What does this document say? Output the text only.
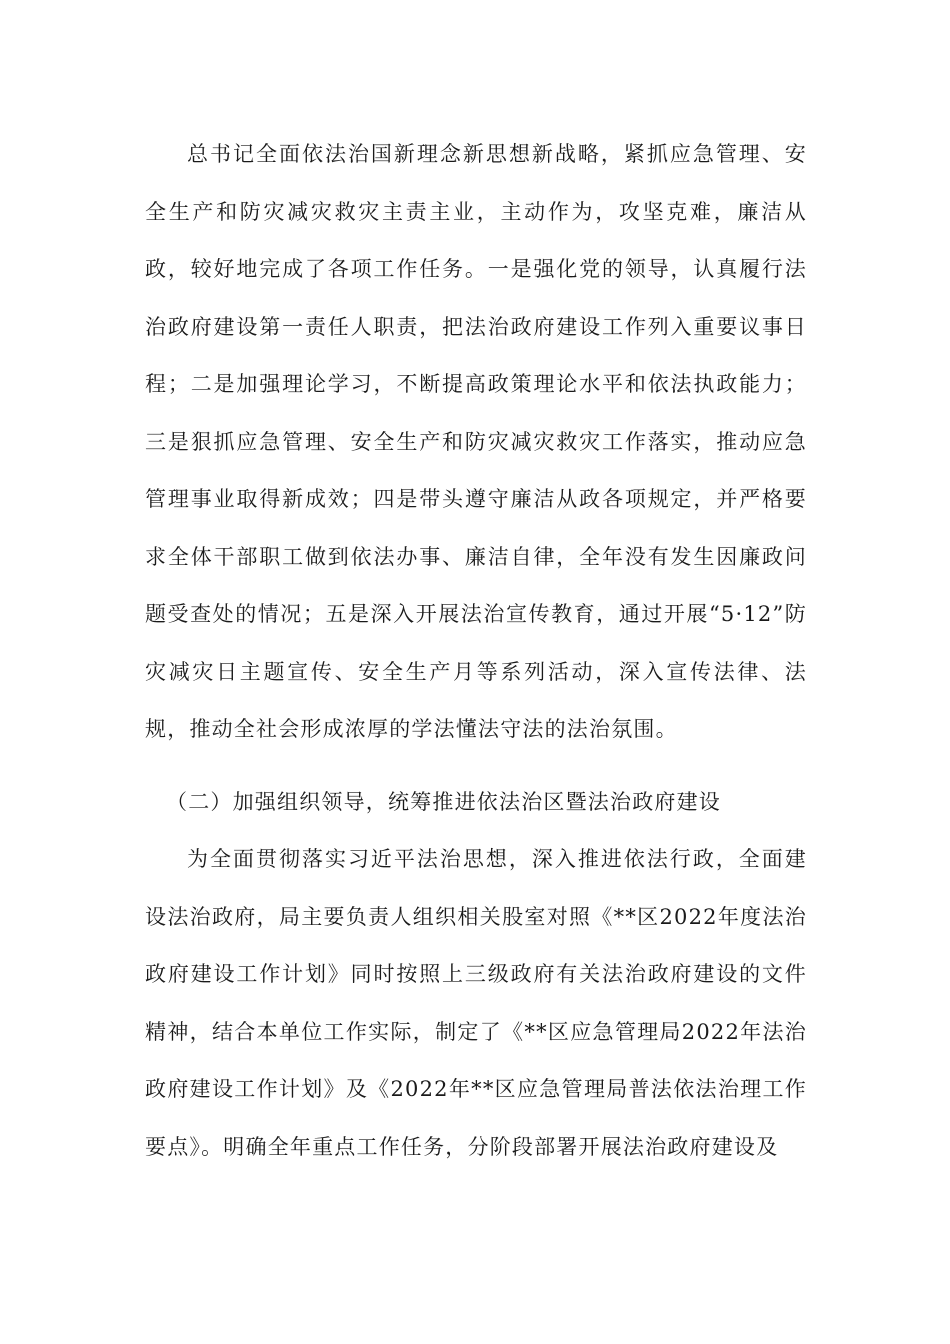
总书记全面依法治国新理念新思想新战略，紧抓应急管理、安全生产和防灾减灾救灾主责主业，主动作为，攻坚克难，廉洁从政，较好地完成了各项工作任务。一是强化党的领导，认真履行法治政府建设第一责任人职责，把法治政府建设工作列入重要议事日程；二是加强理论学习，不断提高政策理论水平和依法执政能力；三是狠抓应急管理、安全生产和防灾减灾救灾工作落实，推动应急管理事业取得新成效；四是带头遵守廉洁从政各项规定，并严格要求全体干部职工做到依法办事、廉洁自律，全年没有发生因廉政问题受查处的情况；五是深入开展法治宣传教育，通过开展“5·12”防灾减灾日主题宣传、安全生产月等系列活动，深入宣传法律、法规，推动全社会形成浓厚的学法懂法守法的法治氛围。

（二）加强组织领导，统筹推进依法治区暨法治政府建设

为全面贯彻落实习近平法治思想，深入推进依法行政，全面建设法治政府，局主要负责人组织相关股室对照《**区2022年度法治政府建设工作计划》同时按照上三级政府有关法治政府建设的文件精神，结合本单位工作实际，制定了《**区应急管理局2022年法治政府建设工作计划》及《2022年**区应急管理局普法依法治理工作要点》。明确全年重点工作任务，分阶段部署开展法治政府建设及
